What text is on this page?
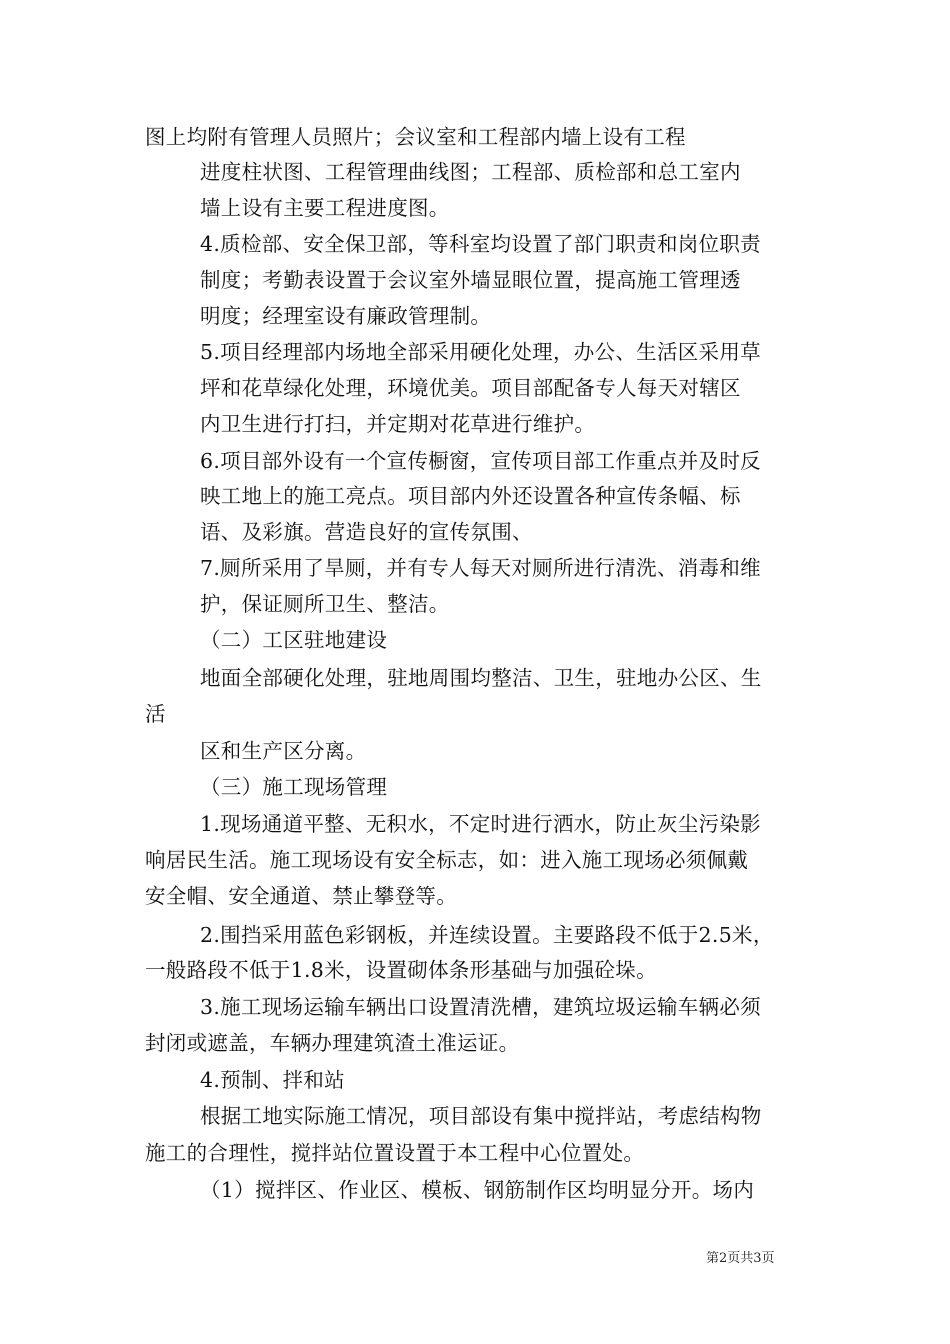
图上均附有管理人员照片；会议室和工程部内墙上设有工程
进度柱状图、工程管理曲线图；工程部、质检部和总工室内
墙上设有主要工程进度图。
4.质检部、安全保卫部，等科室均设置了部门职责和岗位职责
制度；考勤表设置于会议室外墙显眼位置，提高施工管理透
明度；经理室设有廉政管理制。
5.项目经理部内场地全部采用硬化处理，办公、生活区采用草
坪和花草绿化处理，环境优美。项目部配备专人每天对辖区
内卫生进行打扫，并定期对花草进行维护。
6.项目部外设有一个宣传橱窗，宣传项目部工作重点并及时反
映工地上的施工亮点。项目部内外还设置各种宣传条幅、标
语、及彩旗。营造良好的宣传氛围、
7.厕所采用了旱厕，并有专人每天对厕所进行清洗、消毒和维
护，保证厕所卫生、整洁。
（二）工区驻地建设
地面全部硬化处理，驻地周围均整洁、卫生，驻地办公区、生
活
区和生产区分离。
（三）施工现场管理
1.现场通道平整、无积水，不定时进行洒水，防止灰尘污染影
响居民生活。施工现场设有安全标志，如：进入施工现场必须佩戴
安全帽、安全通道、禁止攀登等。
2.围挡采用蓝色彩钢板，并连续设置。主要路段不低于2.5米，
一般路段不低于1.8米，设置砌体条形基础与加强砼垛。
3.施工现场运输车辆出口设置清洗槽，建筑垃圾运输车辆必须
封闭或遮盖，车辆办理建筑渣土准运证。
4.预制、拌和站
根据工地实际施工情况，项目部设有集中搅拌站，考虑结构物
施工的合理性，搅拌站位置设置于本工程中心位置处。
（1）搅拌区、作业区、模板、钢筋制作区均明显分开。场内
第2页共3页
